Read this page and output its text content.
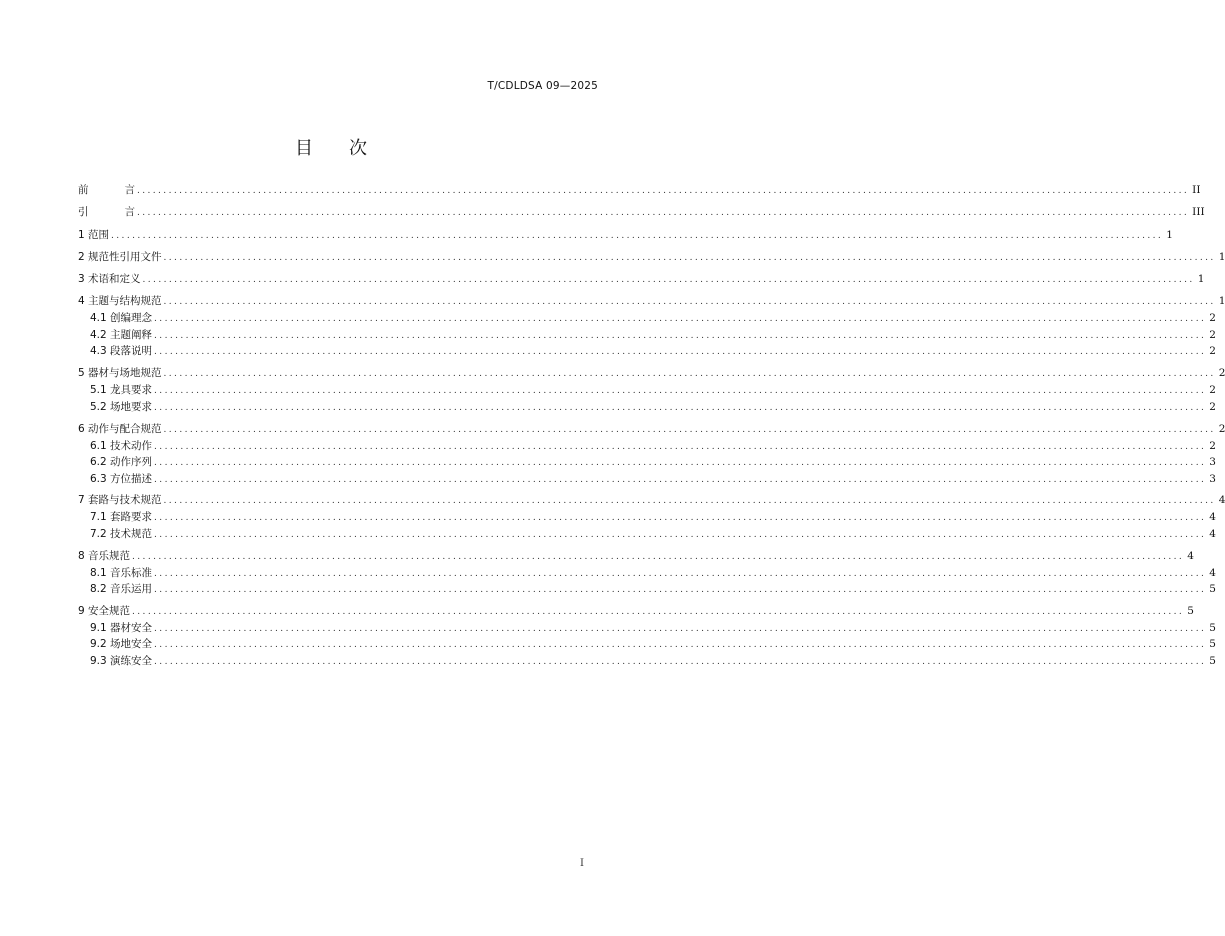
T/CDLDSA 09—2025
目 次
前	言 ........................................................................................................................................................................................................ II
引	言 ........................................................................................................................................................................................................ III
1 范围 ........................................................................................................................................................................................................ 1
2 规范性引用文件 ........................................................................................................................................................................................................ 1
3 术语和定义 ........................................................................................................................................................................................................ 1
4 主题与结构规范 ........................................................................................................................................................................................................ 1
4.1 创编理念 ........................................................................................................................................................................................................ 2
4.2 主题阐释 ........................................................................................................................................................................................................ 2
4.3 段落说明 ........................................................................................................................................................................................................ 2
5 器材与场地规范 ........................................................................................................................................................................................................ 2
5.1 龙具要求 ........................................................................................................................................................................................................ 2
5.2 场地要求 ........................................................................................................................................................................................................ 2
6 动作与配合规范 ........................................................................................................................................................................................................ 2
6.1 技术动作 ........................................................................................................................................................................................................ 2
6.2 动作序列 ........................................................................................................................................................................................................ 3
6.3 方位描述 ........................................................................................................................................................................................................ 3
7 套路与技术规范 ........................................................................................................................................................................................................ 4
7.1 套路要求 ........................................................................................................................................................................................................ 4
7.2 技术规范 ........................................................................................................................................................................................................ 4
8 音乐规范 ........................................................................................................................................................................................................ 4
8.1 音乐标准 ........................................................................................................................................................................................................ 4
8.2 音乐运用 ........................................................................................................................................................................................................ 5
9 安全规范 ........................................................................................................................................................................................................ 5
9.1 器材安全 ........................................................................................................................................................................................................ 5
9.2 场地安全 ........................................................................................................................................................................................................ 5
9.3 演练安全 ........................................................................................................................................................................................................ 5
I
